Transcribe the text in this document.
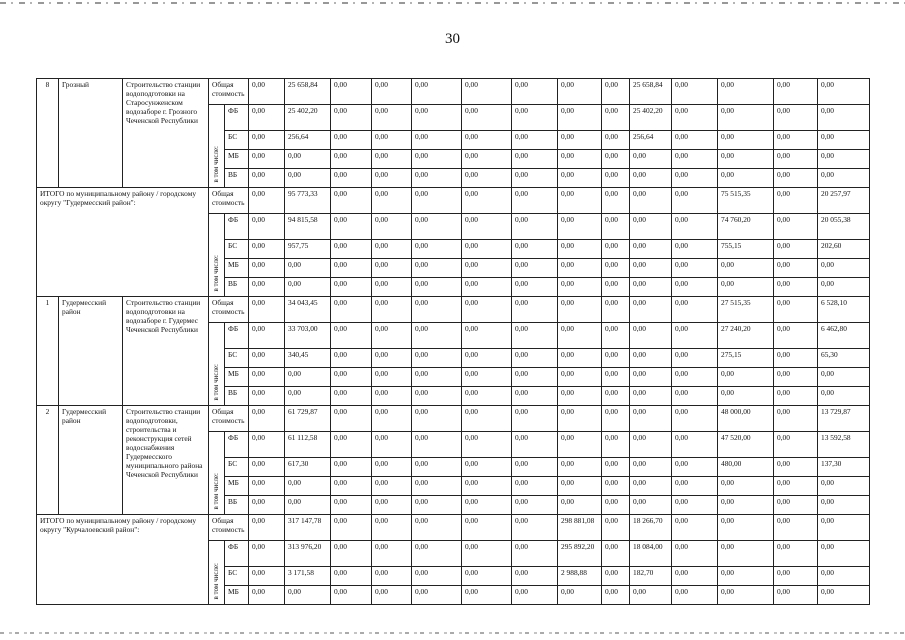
30
8	Грозный	Строительство станции водоподготовки на Старосунженском водозаборе г. Грозного Чеченской Республики	Общая стоимость		0,00	25 658,84	0,00	0,00	0,00	0,00	0,00	0,00	0,00	25 658,84	0,00	0,00	0,00	0,00
			в том числе:	ФБ	0,00	25 402,20	0,00	0,00	0,00	0,00	0,00	0,00	0,00	25 402,20	0,00	0,00	0,00	0,00
				БС	0,00	256,64	0,00	0,00	0,00	0,00	0,00	0,00	0,00	256,64	0,00	0,00	0,00	0,00
				МБ	0,00	0,00	0,00	0,00	0,00	0,00	0,00	0,00	0,00	0,00	0,00	0,00	0,00	0,00
				ВБ	0,00	0,00	0,00	0,00	0,00	0,00	0,00	0,00	0,00	0,00	0,00	0,00	0,00	0,00
ИТОГО по муниципальному району / городскому округу "Гудермесский район":			Общая стоимость		0,00	95 773,33	0,00	0,00	0,00	0,00	0,00	0,00	0,00	0,00	0,00	75 515,35	0,00	20 257,97
			в том числе:	ФБ	0,00	94 815,58	0,00	0,00	0,00	0,00	0,00	0,00	0,00	0,00	0,00	74 760,20	0,00	20 055,38
				БС	0,00	957,75	0,00	0,00	0,00	0,00	0,00	0,00	0,00	0,00	0,00	755,15	0,00	202,60
				МБ	0,00	0,00	0,00	0,00	0,00	0,00	0,00	0,00	0,00	0,00	0,00	0,00	0,00	0,00
				ВБ	0,00	0,00	0,00	0,00	0,00	0,00	0,00	0,00	0,00	0,00	0,00	0,00	0,00	0,00
1	Гудермесский район	Строительство станции водоподготовки на водозаборе г. Гудермес Чеченской Республики	Общая стоимость		0,00	34 043,45	0,00	0,00	0,00	0,00	0,00	0,00	0,00	0,00	0,00	27 515,35	0,00	6 528,10
			в том числе:	ФБ	0,00	33 703,00	0,00	0,00	0,00	0,00	0,00	0,00	0,00	0,00	0,00	27 240,20	0,00	6 462,80
				БС	0,00	340,45	0,00	0,00	0,00	0,00	0,00	0,00	0,00	0,00	0,00	275,15	0,00	65,30
				МБ	0,00	0,00	0,00	0,00	0,00	0,00	0,00	0,00	0,00	0,00	0,00	0,00	0,00	0,00
				ВБ	0,00	0,00	0,00	0,00	0,00	0,00	0,00	0,00	0,00	0,00	0,00	0,00	0,00	0,00
2	Гудермесский район	Строительство станции водоподготовки, строительства и реконструкция сетей водоснабжения Гудермесского муниципального района Чеченской Республики	Общая стоимость		0,00	61 729,87	0,00	0,00	0,00	0,00	0,00	0,00	0,00	0,00	0,00	48 000,00	0,00	13 729,87
			в том числе:	ФБ	0,00	61 112,58	0,00	0,00	0,00	0,00	0,00	0,00	0,00	0,00	0,00	47 520,00	0,00	13 592,58
				БС	0,00	617,30	0,00	0,00	0,00	0,00	0,00	0,00	0,00	0,00	0,00	480,00	0,00	137,30
				МБ	0,00	0,00	0,00	0,00	0,00	0,00	0,00	0,00	0,00	0,00	0,00	0,00	0,00	0,00
				ВБ	0,00	0,00	0,00	0,00	0,00	0,00	0,00	0,00	0,00	0,00	0,00	0,00	0,00	0,00
ИТОГО по муниципальному району / городскому округу "Курчалоевский район":			Общая стоимость		0,00	317 147,78	0,00	0,00	0,00	0,00	0,00	298 881,08	0,00	18 266,70	0,00	0,00	0,00	0,00
			в том числе:	ФБ	0,00	313 976,20	0,00	0,00	0,00	0,00	0,00	295 892,20	0,00	18 084,00	0,00	0,00	0,00	0,00
				БС	0,00	3 171,58	0,00	0,00	0,00	0,00	0,00	2 988,88	0,00	182,70	0,00	0,00	0,00	0,00
				МБ	0,00	0,00	0,00	0,00	0,00	0,00	0,00	0,00	0,00	0,00	0,00	0,00	0,00	0,00
